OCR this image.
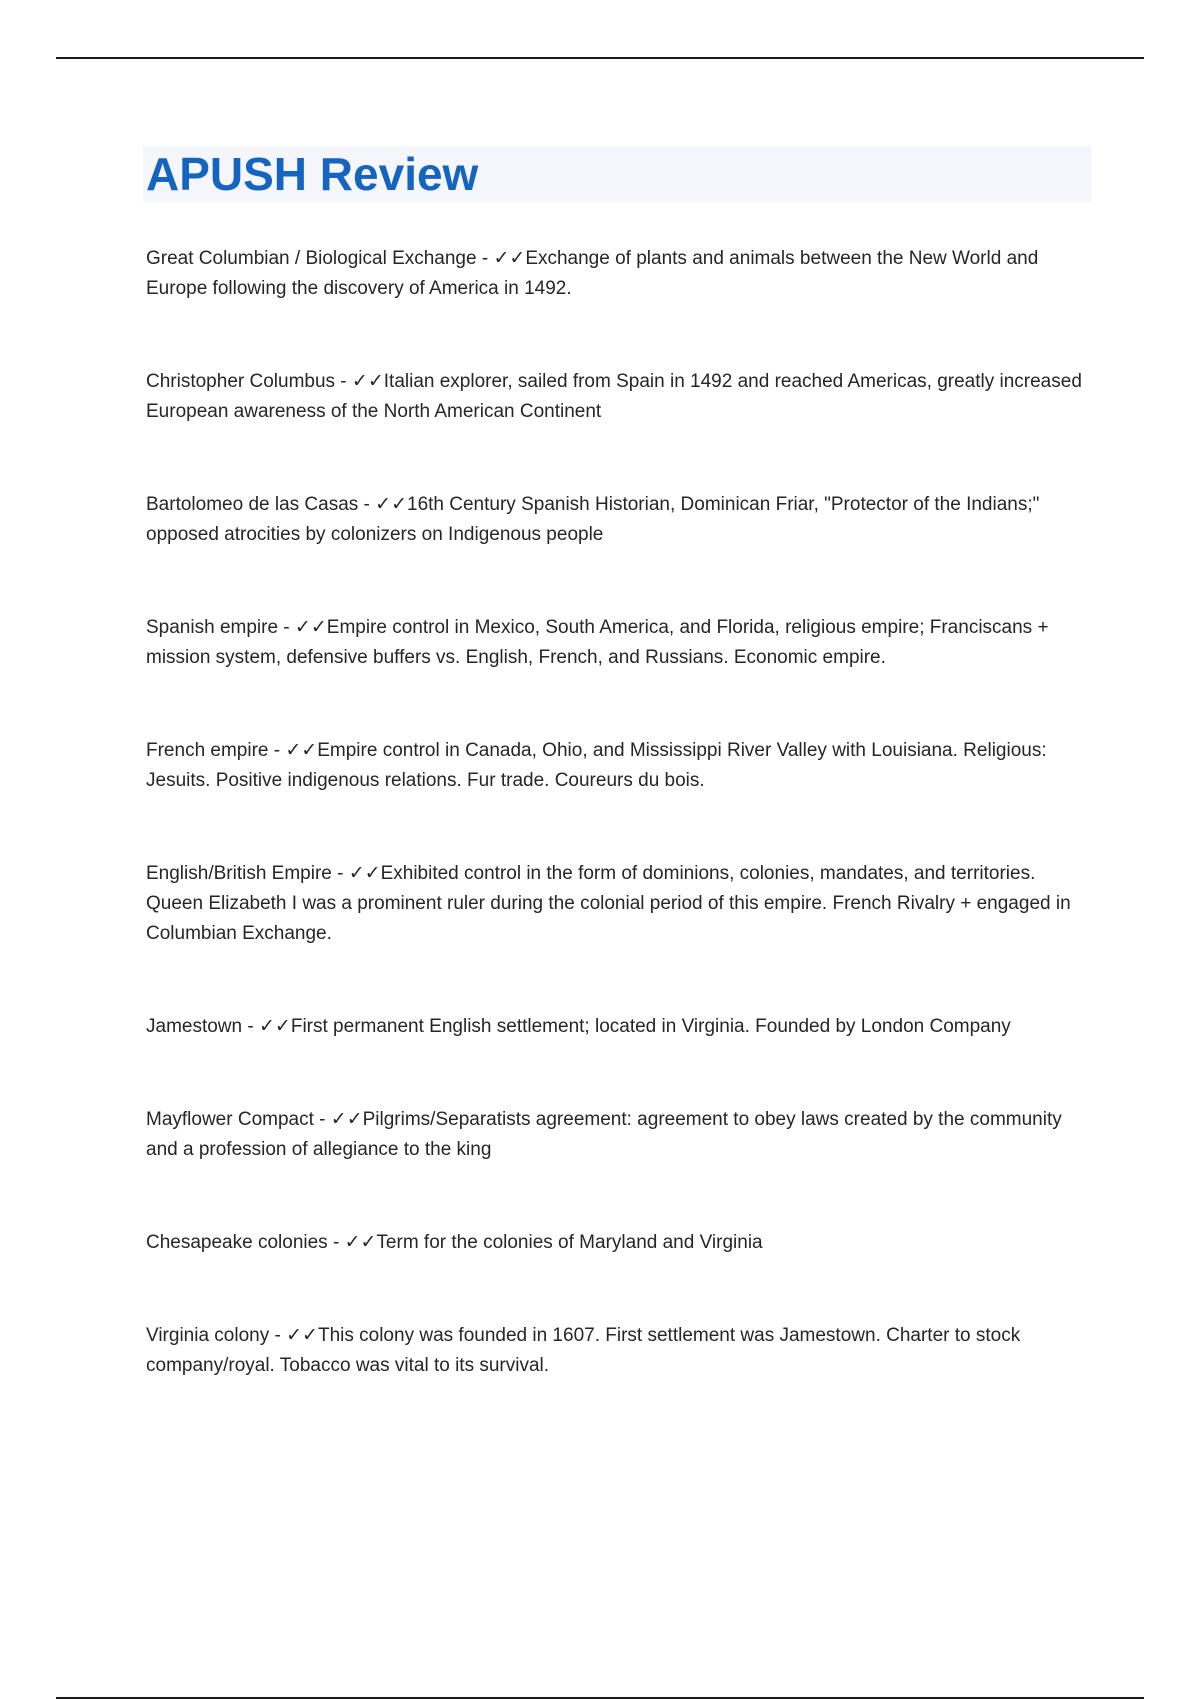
APUSH Review
Great Columbian / Biological Exchange - ✓✓Exchange of plants and animals between the New World and Europe following the discovery of America in 1492.
Christopher Columbus - ✓✓Italian explorer, sailed from Spain in 1492 and reached Americas, greatly increased European awareness of the North American Continent
Bartolomeo de las Casas - ✓✓16th Century Spanish Historian, Dominican Friar, "Protector of the Indians;" opposed atrocities by colonizers on Indigenous people
Spanish empire - ✓✓Empire control in Mexico, South America, and Florida, religious empire; Franciscans + mission system, defensive buffers vs. English, French, and Russians. Economic empire.
French empire - ✓✓Empire control in Canada, Ohio, and Mississippi River Valley with Louisiana. Religious: Jesuits. Positive indigenous relations. Fur trade. Coureurs du bois.
English/British Empire - ✓✓Exhibited control in the form of dominions, colonies, mandates, and territories. Queen Elizabeth I was a prominent ruler during the colonial period of this empire. French Rivalry + engaged in Columbian Exchange.
Jamestown - ✓✓First permanent English settlement; located in Virginia. Founded by London Company
Mayflower Compact - ✓✓Pilgrims/Separatists agreement: agreement to obey laws created by the community and a profession of allegiance to the king
Chesapeake colonies - ✓✓Term for the colonies of Maryland and Virginia
Virginia colony - ✓✓This colony was founded in 1607. First settlement was Jamestown. Charter to stock company/royal. Tobacco was vital to its survival.
